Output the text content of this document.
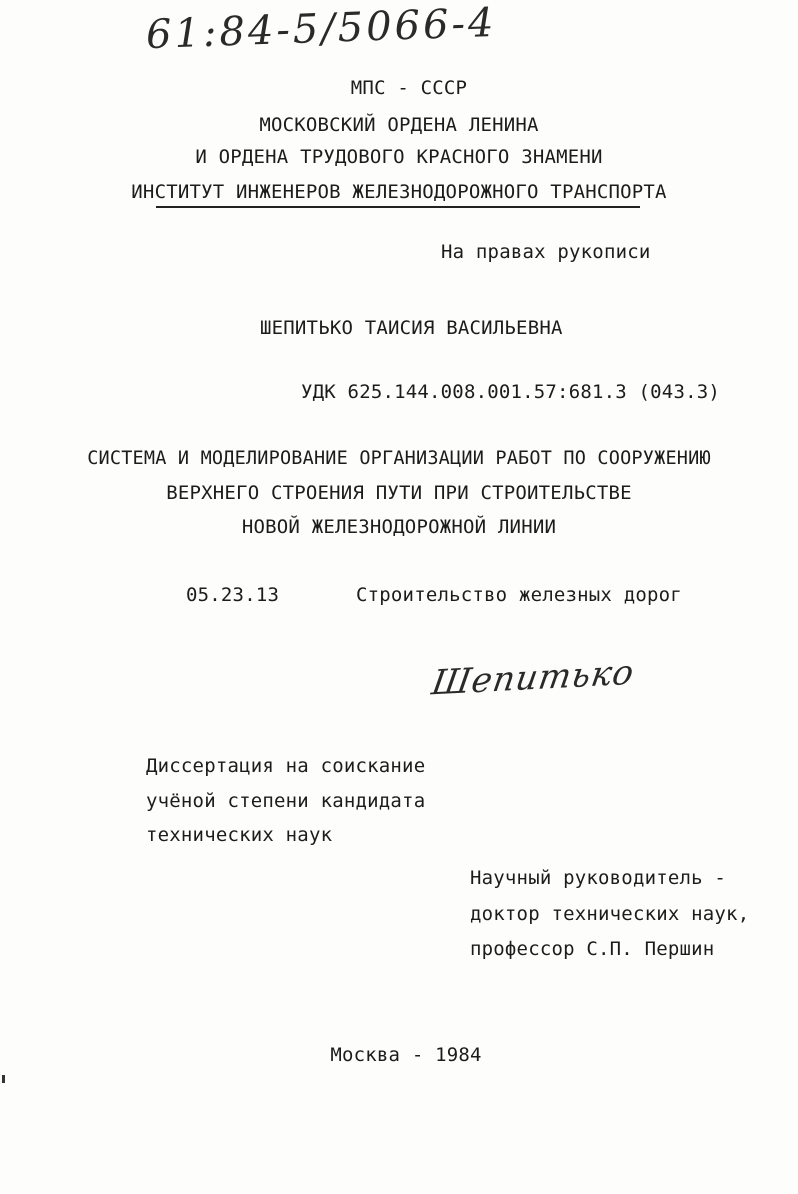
61:84-5/5066-4
МПС - СССР
МОСКОВСКИЙ ОРДЕНА ЛЕНИНА
И ОРДЕНА ТРУДОВОГО КРАСНОГО ЗНАМЕНИ
ИНСТИТУТ ИНЖЕНЕРОВ ЖЕЛЕЗНОДОРОЖНОГО ТРАНСПОРТА
На правах рукописи
ШЕПИТЬКО ТАИСИЯ ВАСИЛЬЕВНА
УДК 625.144.008.001.57:681.3 (043.3)
СИСТЕМА И МОДЕЛИРОВАНИЕ ОРГАНИЗАЦИИ РАБОТ ПО СООРУЖЕНИЮ
ВЕРХНЕГО СТРОЕНИЯ ПУТИ ПРИ СТРОИТЕЛЬСТВЕ
НОВОЙ ЖЕЛЕЗНОДОРОЖНОЙ ЛИНИИ
05.23.13	Строительство железных дорог
Шепитько
Диссертация на соискание
учёной степени кандидата
технических наук
Научный руководитель -
доктор технических наук,
профессор С.П. Першин
Москва - 1984
